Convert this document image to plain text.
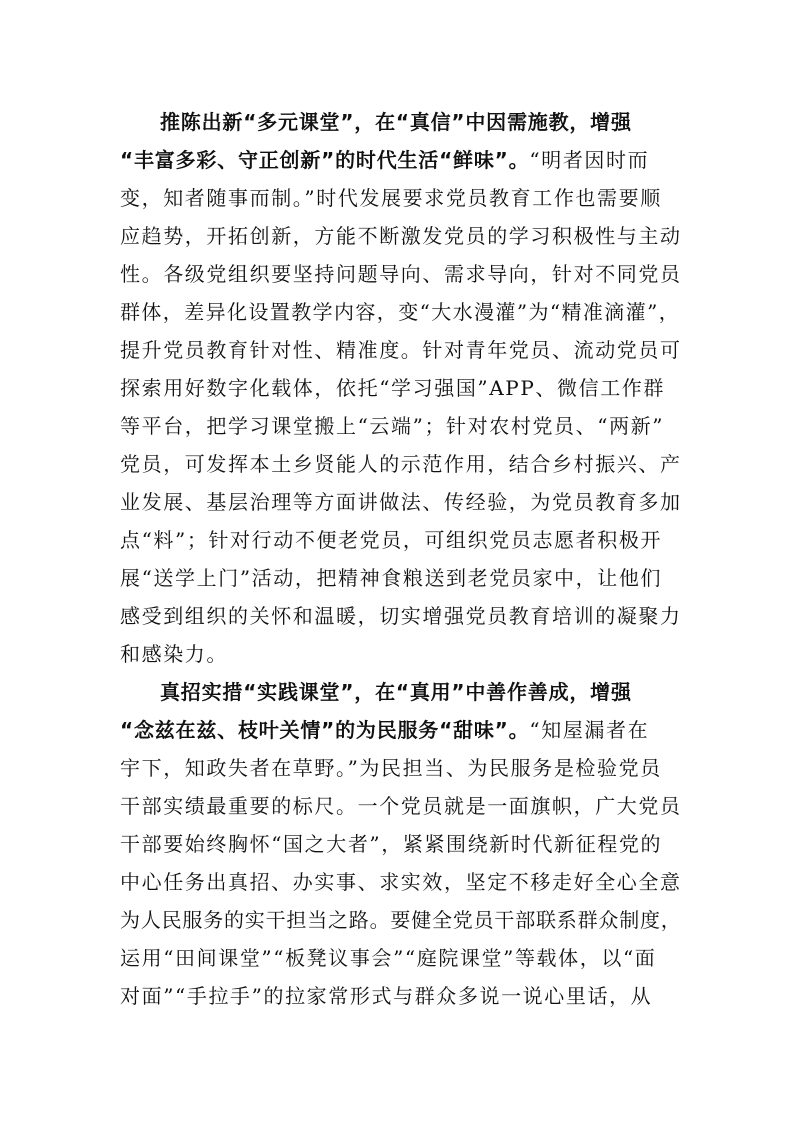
推陈出新“多元课堂”，在“真信”中因需施教，增强
“丰富多彩、守正创新”的时代生活“鲜味”。“明者因时而
变，知者随事而制。”时代发展要求党员教育工作也需要顺
应趋势，开拓创新，方能不断激发党员的学习积极性与主动
性。各级党组织要坚持问题导向、需求导向，针对不同党员
群体，差异化设置教学内容，变“大水漫灌”为“精准滴灌”，
提升党员教育针对性、精准度。针对青年党员、流动党员可
探索用好数字化载体，依托“学习强国”APP、微信工作群
等平台，把学习课堂搬上“云端”；针对农村党员、“两新”
党员，可发挥本土乡贤能人的示范作用，结合乡村振兴、产
业发展、基层治理等方面讲做法、传经验，为党员教育多加
点“料”；针对行动不便老党员，可组织党员志愿者积极开
展“送学上门”活动，把精神食粮送到老党员家中，让他们
感受到组织的关怀和温暖，切实增强党员教育培训的凝聚力
和感染力。
真招实措“实践课堂”，在“真用”中善作善成，增强
“念兹在兹、枝叶关情”的为民服务“甜味”。“知屋漏者在
宇下，知政失者在草野。”为民担当、为民服务是检验党员
干部实绩最重要的标尺。一个党员就是一面旗帜，广大党员
干部要始终胸怀“国之大者”，紧紧围绕新时代新征程党的
中心任务出真招、办实事、求实效，坚定不移走好全心全意
为人民服务的实干担当之路。要健全党员干部联系群众制度，
运用“田间课堂”“板凳议事会”“庭院课堂”等载体，以“面
对面”“手拉手”的拉家常形式与群众多说一说心里话，从
